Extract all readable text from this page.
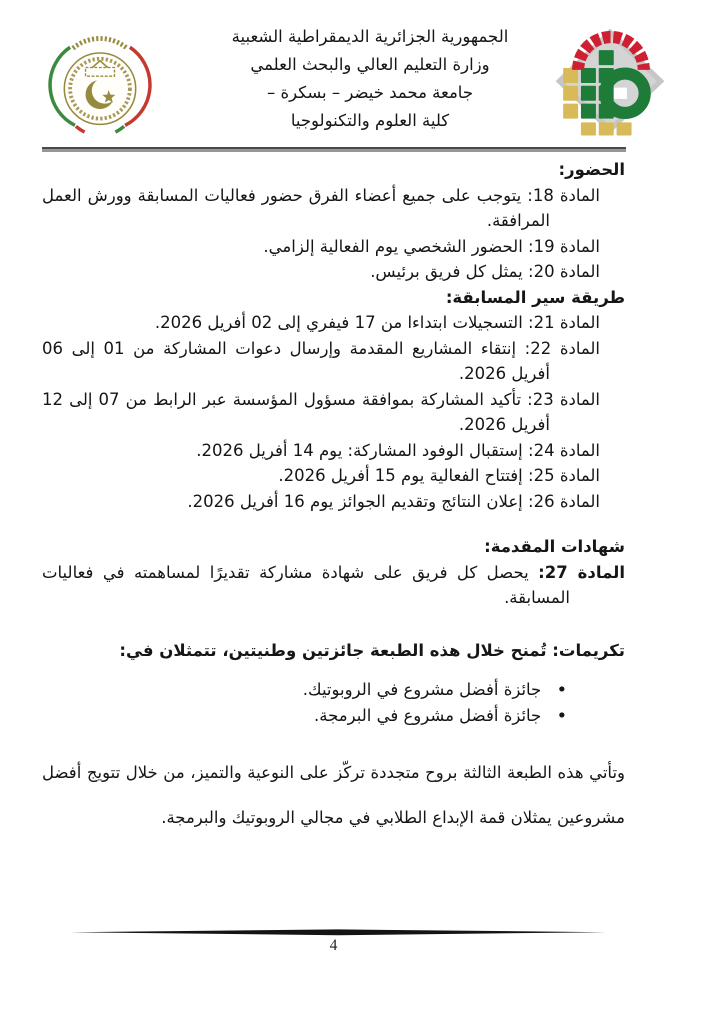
الجمهورية الجزائرية الديمقراطية الشعبية
وزارة التعليم العالي والبحث العلمي
جامعة محمد خيضر – بسكرة –
كلية العلوم والتكنولوجيا
الحضور:

المادة 18: يتوجب على جميع أعضاء الفرق حضور فعاليات المسابقة وورش العمل المرافقة.

المادة 19: الحضور الشخصي يوم الفعالية إلزامي.

المادة 20: يمثل كل فريق برئيس.

طريقة سير المسابقة:

المادة 21: التسجيلات ابتداءا من 17 فيفري إلى 02 أفريل 2026.

المادة 22: إنتقاء المشاريع المقدمة وإرسال دعوات المشاركة من 01 إلى 06 أفريل 2026.

المادة 23: تأكيد المشاركة بموافقة مسؤول المؤسسة عبر الرابط من 07 إلى 12 أفريل 2026.

المادة 24: إستقبال الوفود المشاركة: يوم 14 أفريل 2026.

المادة 25: إفتتاح الفعالية يوم 15 أفريل 2026.

المادة 26: إعلان النتائج وتقديم الجوائز يوم 16 أفريل 2026.

شهادات المقدمة:

المادة 27: يحصل كل فريق على شهادة مشاركة تقديرًا لمساهمته في فعاليات المسابقة.

تكريمات: تُمنح خلال هذه الطبعة جائزتين وطنيتين، تتمثلان في:

•جائزة أفضل مشروع في الروبوتيك.

•جائزة أفضل مشروع في البرمجة.

وتأتي هذه الطبعة الثالثة بروح متجددة تركّز على النوعية والتميز، من خلال تتويج أفضل مشروعين يمثلان قمة الإبداع الطلابي في مجالي الروبوتيك والبرمجة.

4
